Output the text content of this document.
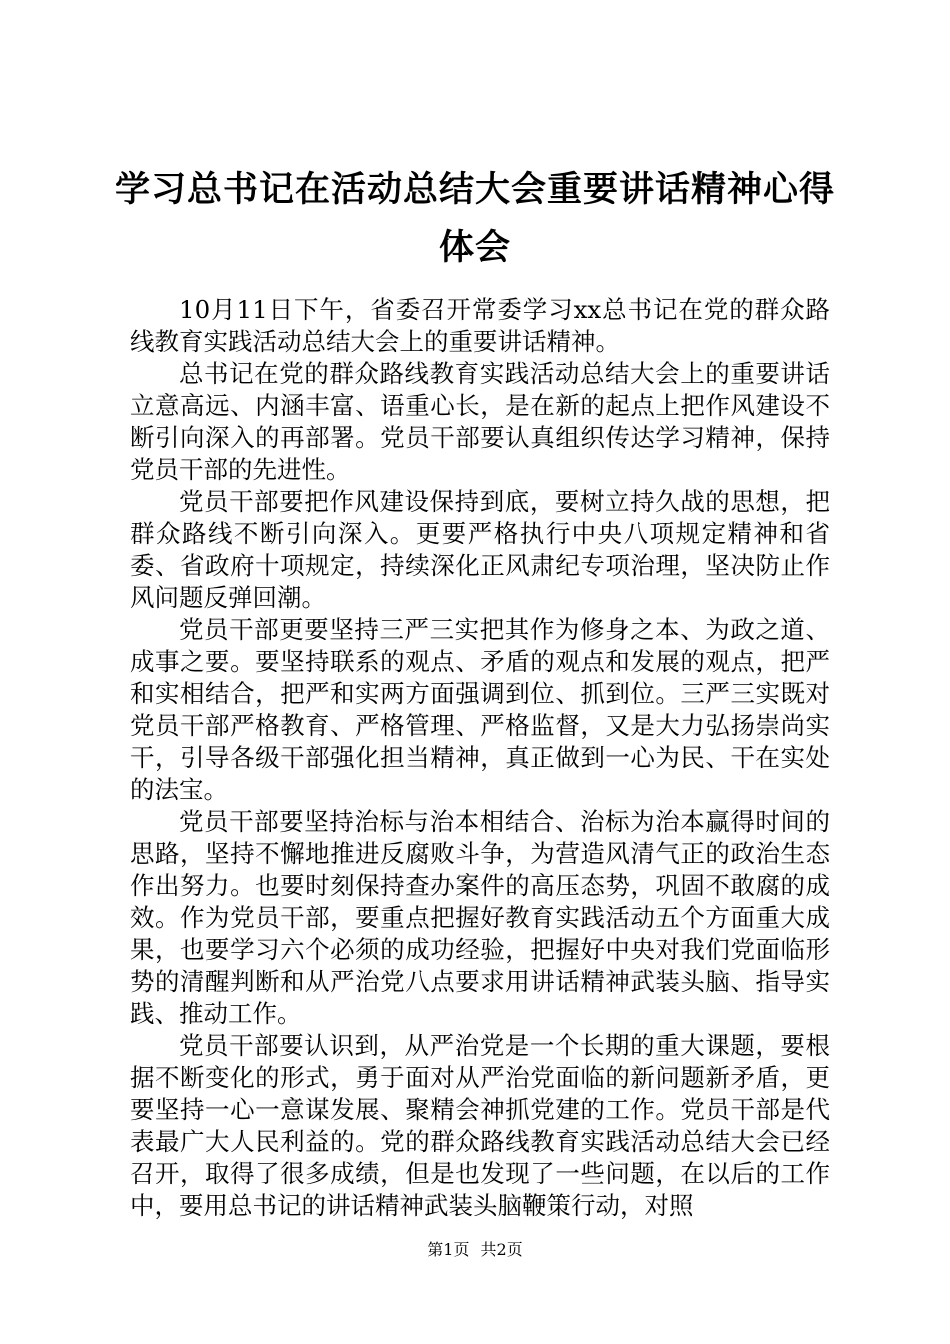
学习总书记在活动总结大会重要讲话精神心得
体会

10月11日下午，省委召开常委学习xx总书记在党的群众路线教育实践活动总结大会上的重要讲话精神。

总书记在党的群众路线教育实践活动总结大会上的重要讲话立意高远、内涵丰富、语重心长，是在新的起点上把作风建设不断引向深入的再部署。党员干部要认真组织传达学习精神，保持党员干部的先进性。

党员干部要把作风建设保持到底，要树立持久战的思想，把群众路线不断引向深入。更要严格执行中央八项规定精神和省委、省政府十项规定，持续深化正风肃纪专项治理，坚决防止作风问题反弹回潮。

党员干部更要坚持三严三实把其作为修身之本、为政之道、成事之要。要坚持联系的观点、矛盾的观点和发展的观点，把严和实相结合，把严和实两方面强调到位、抓到位。三严三实既对党员干部严格教育、严格管理、严格监督，又是大力弘扬崇尚实干，引导各级干部强化担当精神，真正做到一心为民、干在实处的法宝。

党员干部要坚持治标与治本相结合、治标为治本赢得时间的思路，坚持不懈地推进反腐败斗争，为营造风清气正的政治生态作出努力。也要时刻保持查办案件的高压态势，巩固不敢腐的成效。作为党员干部，要重点把握好教育实践活动五个方面重大成果，也要学习六个必须的成功经验，把握好中央对我们党面临形势的清醒判断和从严治党八点要求用讲话精神武装头脑、指导实践、推动工作。

党员干部要认识到，从严治党是一个长期的重大课题，要根据不断变化的形式，勇于面对从严治党面临的新问题新矛盾，更要坚持一心一意谋发展、聚精会神抓党建的工作。党员干部是代表最广大人民利益的。党的群众路线教育实践活动总结大会已经召开，取得了很多成绩，但是也发现了一些问题，在以后的工作中，要用总书记的讲话精神武装头脑鞭策行动，对照

第1页 共2页
